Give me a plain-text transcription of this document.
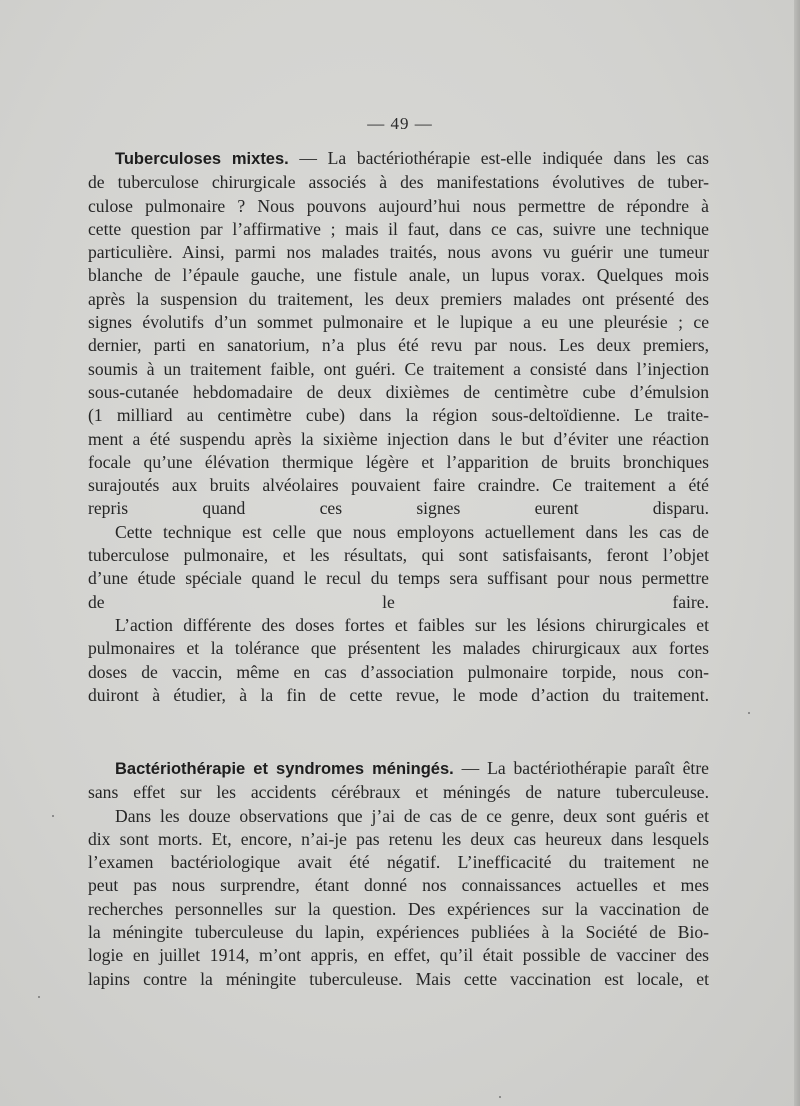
— 49 —
Tuberculoses mixtes. — La bactériothérapie est-elle indiquée dans les cas
de tuberculose chirurgicale associés à des manifestations évolutives de tuber-
culose pulmonaire ? Nous pouvons aujourd’hui nous permettre de répondre à
cette question par l’affirmative ; mais il faut, dans ce cas, suivre une technique
particulière. Ainsi, parmi nos malades traités, nous avons vu guérir une tumeur
blanche de l’épaule gauche, une fistule anale, un lupus vorax. Quelques mois
après la suspension du traitement, les deux premiers malades ont présenté des
signes évolutifs d’un sommet pulmonaire et le lupique a eu une pleurésie ; ce
dernier, parti en sanatorium, n’a plus été revu par nous. Les deux premiers,
soumis à un traitement faible, ont guéri. Ce traitement a consisté dans l’injection
sous-cutanée hebdomadaire de deux dixièmes de centimètre cube d’émulsion
(1 milliard au centimètre cube) dans la région sous-deltoïdienne. Le traite-
ment a été suspendu après la sixième injection dans le but d’éviter une réaction
focale qu’une élévation thermique légère et l’apparition de bruits bronchiques
surajoutés aux bruits alvéolaires pouvaient faire craindre. Ce traitement a été
repris quand ces signes eurent disparu.
Cette technique est celle que nous employons actuellement dans les cas de
tuberculose pulmonaire, et les résultats, qui sont satisfaisants, feront l’objet
d’une étude spéciale quand le recul du temps sera suffisant pour nous permettre
de le faire.
L’action différente des doses fortes et faibles sur les lésions chirurgicales et
pulmonaires et la tolérance que présentent les malades chirurgicaux aux fortes
doses de vaccin, même en cas d’association pulmonaire torpide, nous con-
duiront à étudier, à la fin de cette revue, le mode d’action du traitement.
Bactériothérapie et syndromes méningés. — La bactériothérapie paraît être
sans effet sur les accidents cérébraux et méningés de nature tuberculeuse.
Dans les douze observations que j’ai de cas de ce genre, deux sont guéris et
dix sont morts. Et, encore, n’ai-je pas retenu les deux cas heureux dans lesquels
l’examen bactériologique avait été négatif. L’inefficacité du traitement ne
peut pas nous surprendre, étant donné nos connaissances actuelles et mes
recherches personnelles sur la question. Des expériences sur la vaccination de
la méningite tuberculeuse du lapin, expériences publiées à la Société de Bio-
logie en juillet 1914, m’ont appris, en effet, qu’il était possible de vacciner des
lapins contre la méningite tuberculeuse. Mais cette vaccination est locale, et
